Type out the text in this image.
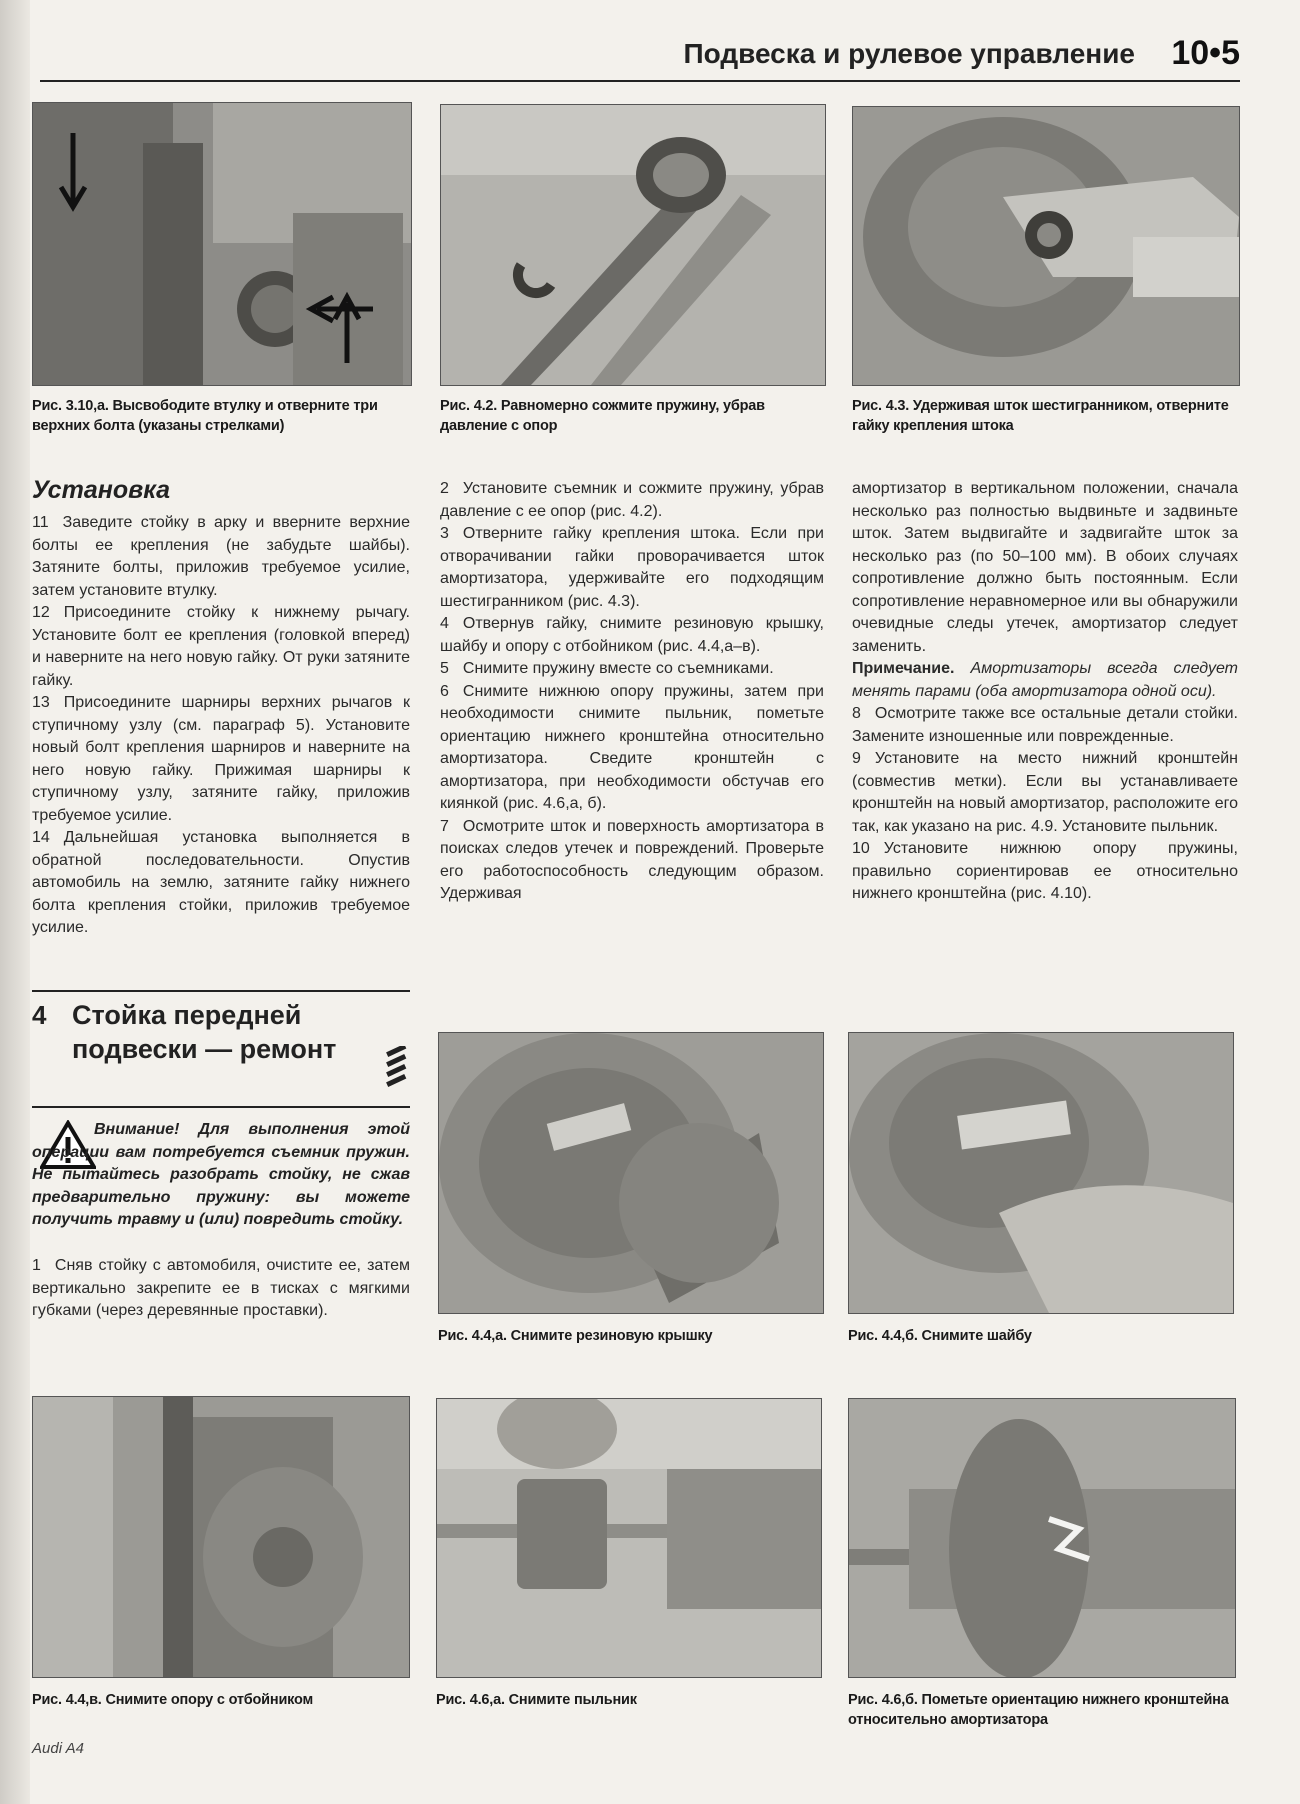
Подвеска и рулевое управление 10•5
Рис. 3.10,а. Высвободите втулку и отверните три верхних болта (указаны стрелками)
Рис. 4.2. Равномерно сожмите пружину, убрав давление с опор
Рис. 4.3. Удерживая шток шестигранником, отверните гайку крепления штока
Установка

11 Заведите стойку в арку и вверните верхние болты ее крепления (не забудьте шайбы). Затяните болты, приложив требуемое усилие, затем установите втулку.

12 Присоедините стойку к нижнему рычагу. Установите болт ее крепления (головкой вперед) и наверните на него новую гайку. От руки затяните гайку.

13 Присоедините шарниры верхних рычагов к ступичному узлу (см. параграф 5). Установите новый болт крепления шарниров и наверните на него новую гайку. Прижимая шарниры к ступичному узлу, затяните гайку, приложив требуемое усилие.

14 Дальнейшая установка выполняется в обратной последовательности. Опустив автомобиль на землю, затяните гайку нижнего болта крепления стойки, приложив требуемое усилие.

4 Стойка передней подвески — ремонт
Внимание! Для выполнения этой операции вам потребуется съемник пружин. Не пытайтесь разобрать стойку, не сжав предварительно пружину: вы можете получить травму и (или) повредить стойку.

1 Сняв стойку с автомобиля, очистите ее, затем вертикально закрепите ее в тисках с мягкими губками (через деревянные проставки).

2 Установите съемник и сожмите пружину, убрав давление с ее опор (рис. 4.2).

3 Отверните гайку крепления штока. Если при отворачивании гайки проворачивается шток амортизатора, удерживайте его подходящим шестигранником (рис. 4.3).

4 Отвернув гайку, снимите резиновую крышку, шайбу и опору с отбойником (рис. 4.4,а–в).

5 Снимите пружину вместе со съемниками.

6 Снимите нижнюю опору пружины, затем при необходимости снимите пыльник, пометьте ориентацию нижнего кронштейна относительно амортизатора. Сведите кронштейн с амортизатора, при необходимости обстучав его киянкой (рис. 4.6,а, б).

7 Осмотрите шток и поверхность амортизатора в поисках следов утечек и повреждений. Проверьте его работоспособность следующим образом. Удерживая

амортизатор в вертикальном положении, сначала несколько раз полностью выдвиньте и задвиньте шток. Затем выдвигайте и задвигайте шток за несколько раз (по 50–100 мм). В обоих случаях сопротивление должно быть постоянным. Если сопротивление неравномерное или вы обнаружили очевидные следы утечек, амортизатор следует заменить.

Примечание. Амортизаторы всегда следует менять парами (оба амортизатора одной оси).

8 Осмотрите также все остальные детали стойки. Замените изношенные или поврежденные.

9 Установите на место нижний кронштейн (совместив метки). Если вы устанавливаете кронштейн на новый амортизатор, расположите его так, как указано на рис. 4.9. Установите пыльник.

10 Установите нижнюю опору пружины, правильно сориентировав ее относительно нижнего кронштейна (рис. 4.10).

Рис. 4.4,а. Снимите резиновую крышку	Рис. 4.4,б. Снимите шайбу
Рис. 4.4,в. Снимите опору с отбойником	Рис. 4.6,а. Снимите пыльник	Рис. 4.6,б. Пометьте ориентацию нижнего кронштейна относительно амортизатора
Audi A4
